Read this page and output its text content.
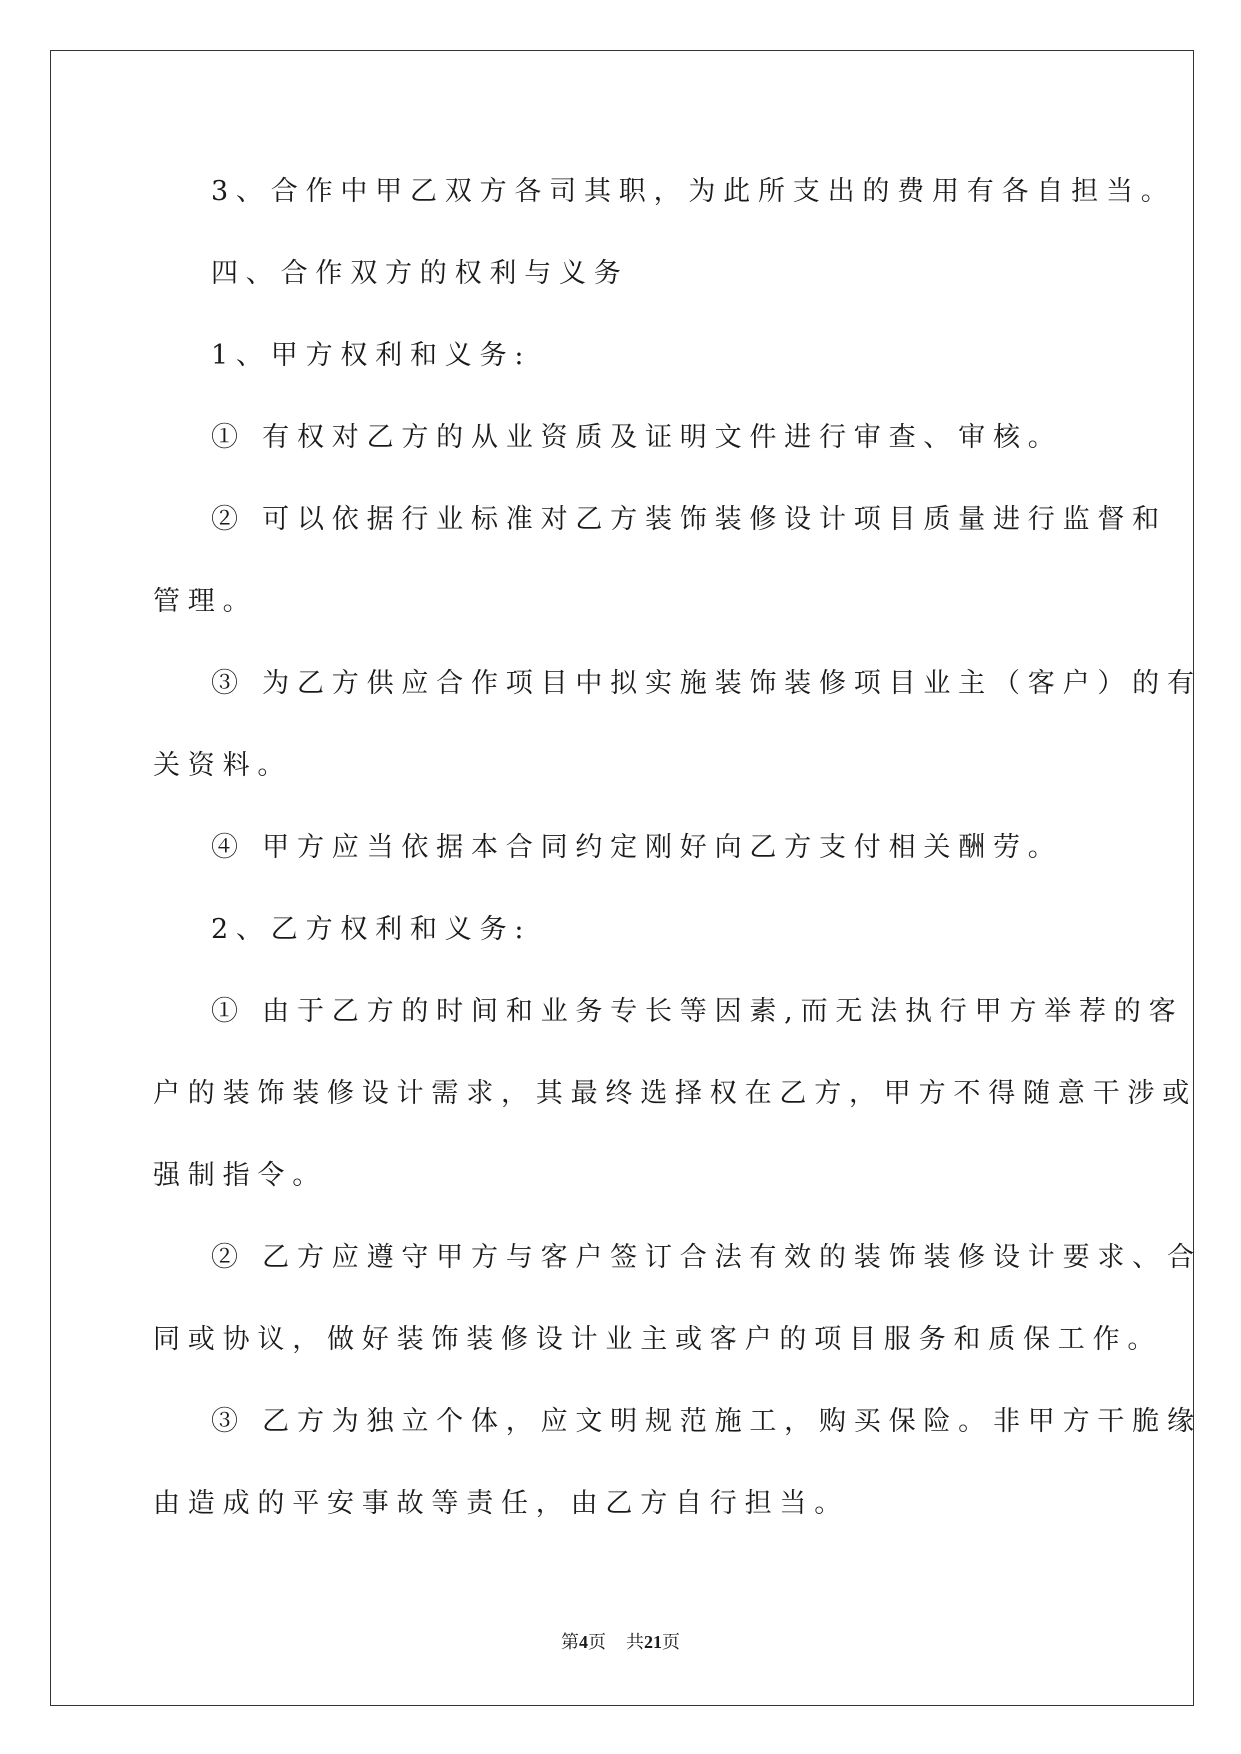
3、合作中甲乙双方各司其职，为此所支出的费用有各自担当。
四、合作双方的权利与义务
1、甲方权利和义务:
① 有权对乙方的从业资质及证明文件进行审查、审核。
② 可以依据行业标准对乙方装饰装修设计项目质量进行监督和
管理。
③ 为乙方供应合作项目中拟实施装饰装修项目业主（客户）的有
关资料。
④ 甲方应当依据本合同约定刚好向乙方支付相关酬劳。
2、乙方权利和义务:
① 由于乙方的时间和业务专长等因素,而无法执行甲方举荐的客
户的装饰装修设计需求，其最终选择权在乙方，甲方不得随意干涉或
强制指令。
② 乙方应遵守甲方与客户签订合法有效的装饰装修设计要求、合
同或协议，做好装饰装修设计业主或客户的项目服务和质保工作。
③ 乙方为独立个体，应文明规范施工，购买保险。非甲方干脆缘
由造成的平安事故等责任，由乙方自行担当。
第4页 共21页
